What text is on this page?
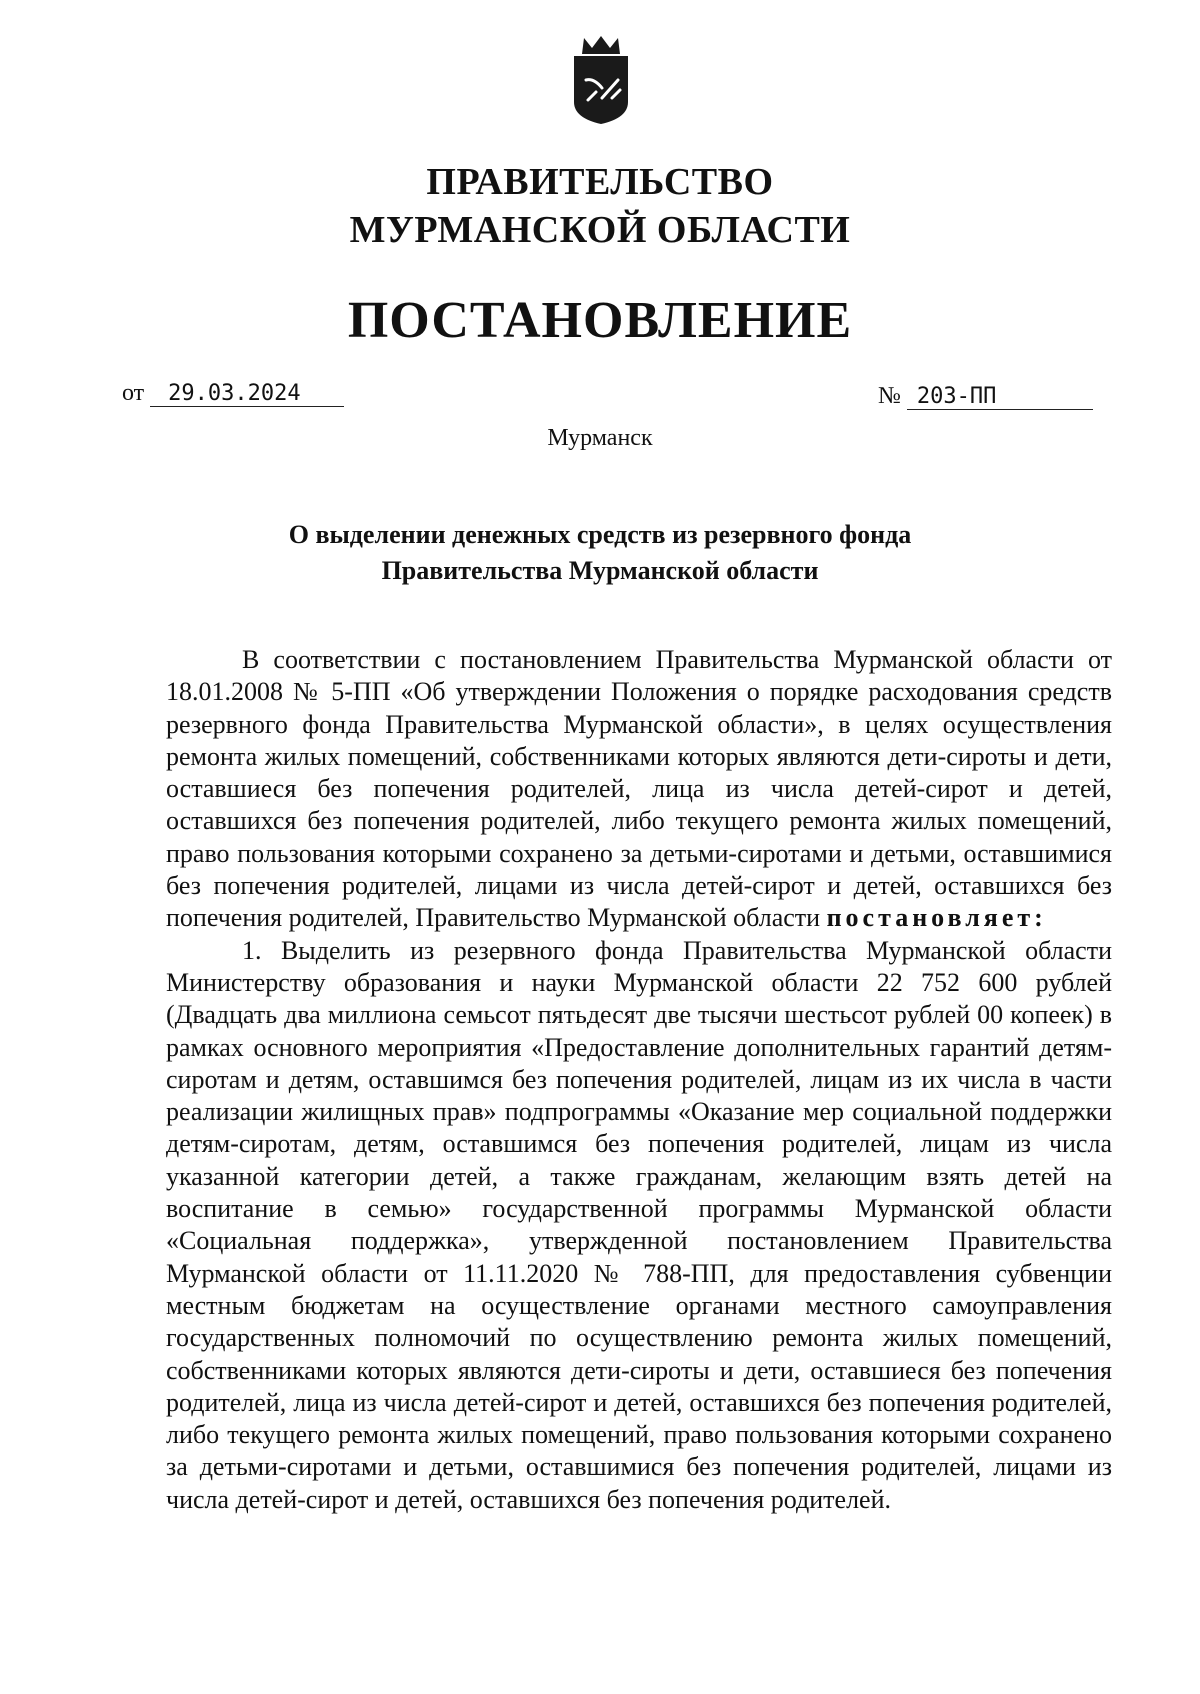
ПРАВИТЕЛЬСТВО
МУРМАНСКОЙ ОБЛАСТИ
ПОСТАНОВЛЕНИЕ
от 29.03.2024	№ 203-ПП
Мурманск
О выделении денежных средств из резервного фонда
Правительства Мурманской области

В соответствии с постановлением Правительства Мурманской области от 18.01.2008 № 5-ПП «Об утверждении Положения о порядке расходования средств резервного фонда Правительства Мурманской области», в целях осуществления ремонта жилых помещений, собственниками которых являются дети-сироты и дети, оставшиеся без попечения родителей, лица из числа детей-сирот и детей, оставшихся без попечения родителей, либо текущего ремонта жилых помещений, право пользования которыми сохранено за детьми-сиротами и детьми, оставшимися без попечения родителей, лицами из числа детей-сирот и детей, оставшихся без попечения родителей, Правительство Мурманской области постановляет:

1. Выделить из резервного фонда Правительства Мурманской области Министерству образования и науки Мурманской области 22 752 600 рублей (Двадцать два миллиона семьсот пятьдесят две тысячи шестьсот рублей 00 копеек) в рамках основного мероприятия «Предоставление дополнительных гарантий детям-сиротам и детям, оставшимся без попечения родителей, лицам из их числа в части реализации жилищных прав» подпрограммы «Оказание мер социальной поддержки детям-сиротам, детям, оставшимся без попечения родителей, лицам из числа указанной категории детей, а также гражданам, желающим взять детей на воспитание в семью» государственной программы Мурманской области «Социальная поддержка», утвержденной постановлением Правительства Мурманской области от 11.11.2020 № 788-ПП, для предоставления субвенции местным бюджетам на осуществление органами местного самоуправления государственных полномочий по осуществлению ремонта жилых помещений, собственниками которых являются дети-сироты и дети, оставшиеся без попечения родителей, лица из числа детей-сирот и детей, оставшихся без попечения родителей, либо текущего ремонта жилых помещений, право пользования которыми сохранено за детьми-сиротами и детьми, оставшимися без попечения родителей, лицами из числа детей-сирот и детей, оставшихся без попечения родителей.
